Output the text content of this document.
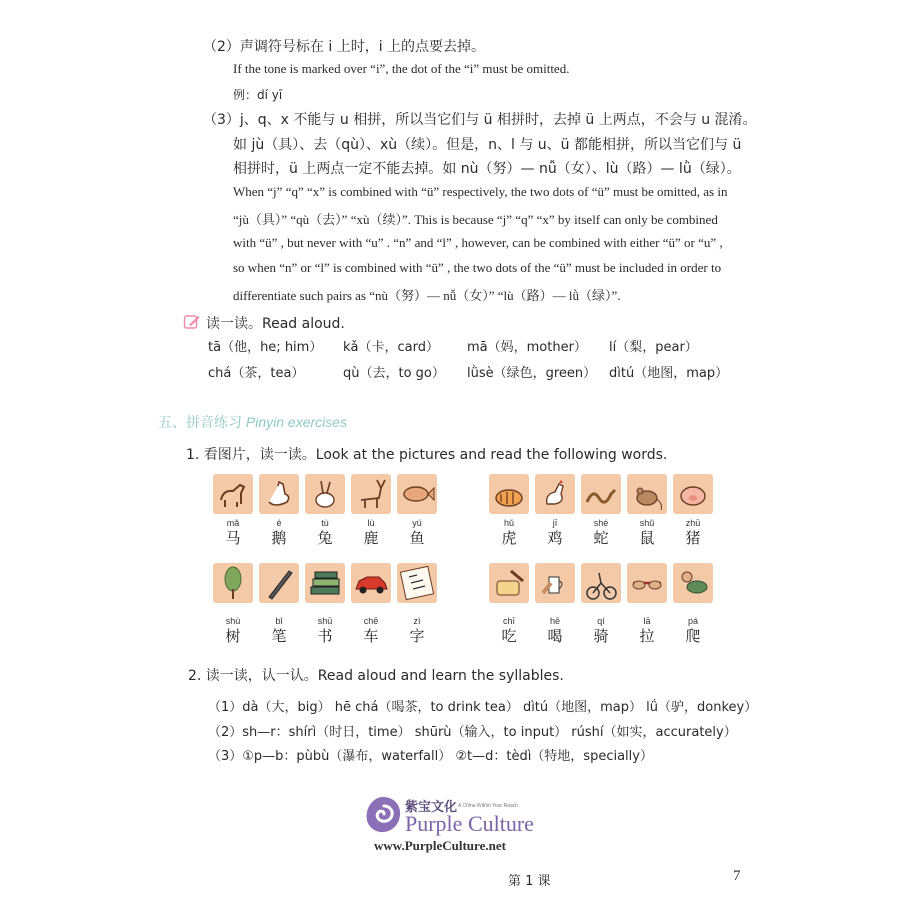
（2）声调符号标在 i 上时，i 上的点要去掉。
If the tone is marked over “i”, the dot of the “i” must be omitted.
例：dí yī
（3）j、q、x 不能与 u 相拼，所以当它们与 ü 相拼时，去掉 ü 上两点，不会与 u 混淆。
如 jù（具）、去（qù）、xù（续）。但是，n、l 与 u、ü 都能相拼，所以当它们与 ü
相拼时，ü 上两点一定不能去掉。如 nù（努）— nǚ（女）、lù（路）— lǜ（绿）。
When “j” “q” “x” is combined with “ü” respectively, the two dots of “ü” must be omitted, as in
“jù（具）” “qù（去）” “xù（续）”. This is because “j” “q” “x” by itself can only be combined
with “ü” , but never with “u” . “n” and “l” , however, can be combined with either “ü” or “u” ,
so when “n” or “l” is combined with “ü” , the two dots of the “ü” must be included in order to
differentiate such pairs as “nù（努）— nǚ（女）” “lù（路）— lǜ（绿）”.
读一读。Read aloud.
tā（他，he; him） kǎ（卡，card） mā（妈，mother） lí（梨，pear）
chá（茶，tea）	qù（去，to go） lǜsè（绿色，green） dìtú（地图，map）
五、拼音练习 Pinyin exercises
1. 看图片，读一读。Look at the pictures and read the following words.
mǎ	é	tù	lù	yú
马	鹅	兔	鹿	鱼
hǔ	jī	shé	shǔ	zhū
虎	鸡	蛇	鼠	猪
shù	bǐ	shū	chē	zì
树	笔	书	车	字
chī	hē	qí	lā	pá
吃	喝	骑	拉	爬
2. 读一读，认一认。Read aloud and learn the syllables.
（1）dà（大，big） hē chá（喝茶，to drink tea） dìtú（地图，map） lǘ（驴，donkey）
（2）sh—r：shírì（时日，time） shūrù（输入，to input） rúshí（如实，accurately）
（3）①p—b：pùbù（瀑布，waterfall） ②t—d：tèdì（特地，specially）
紫宝文化 A China Within Your Reach
Purple Culture
www.PurpleCulture.net
第 1 课	7
